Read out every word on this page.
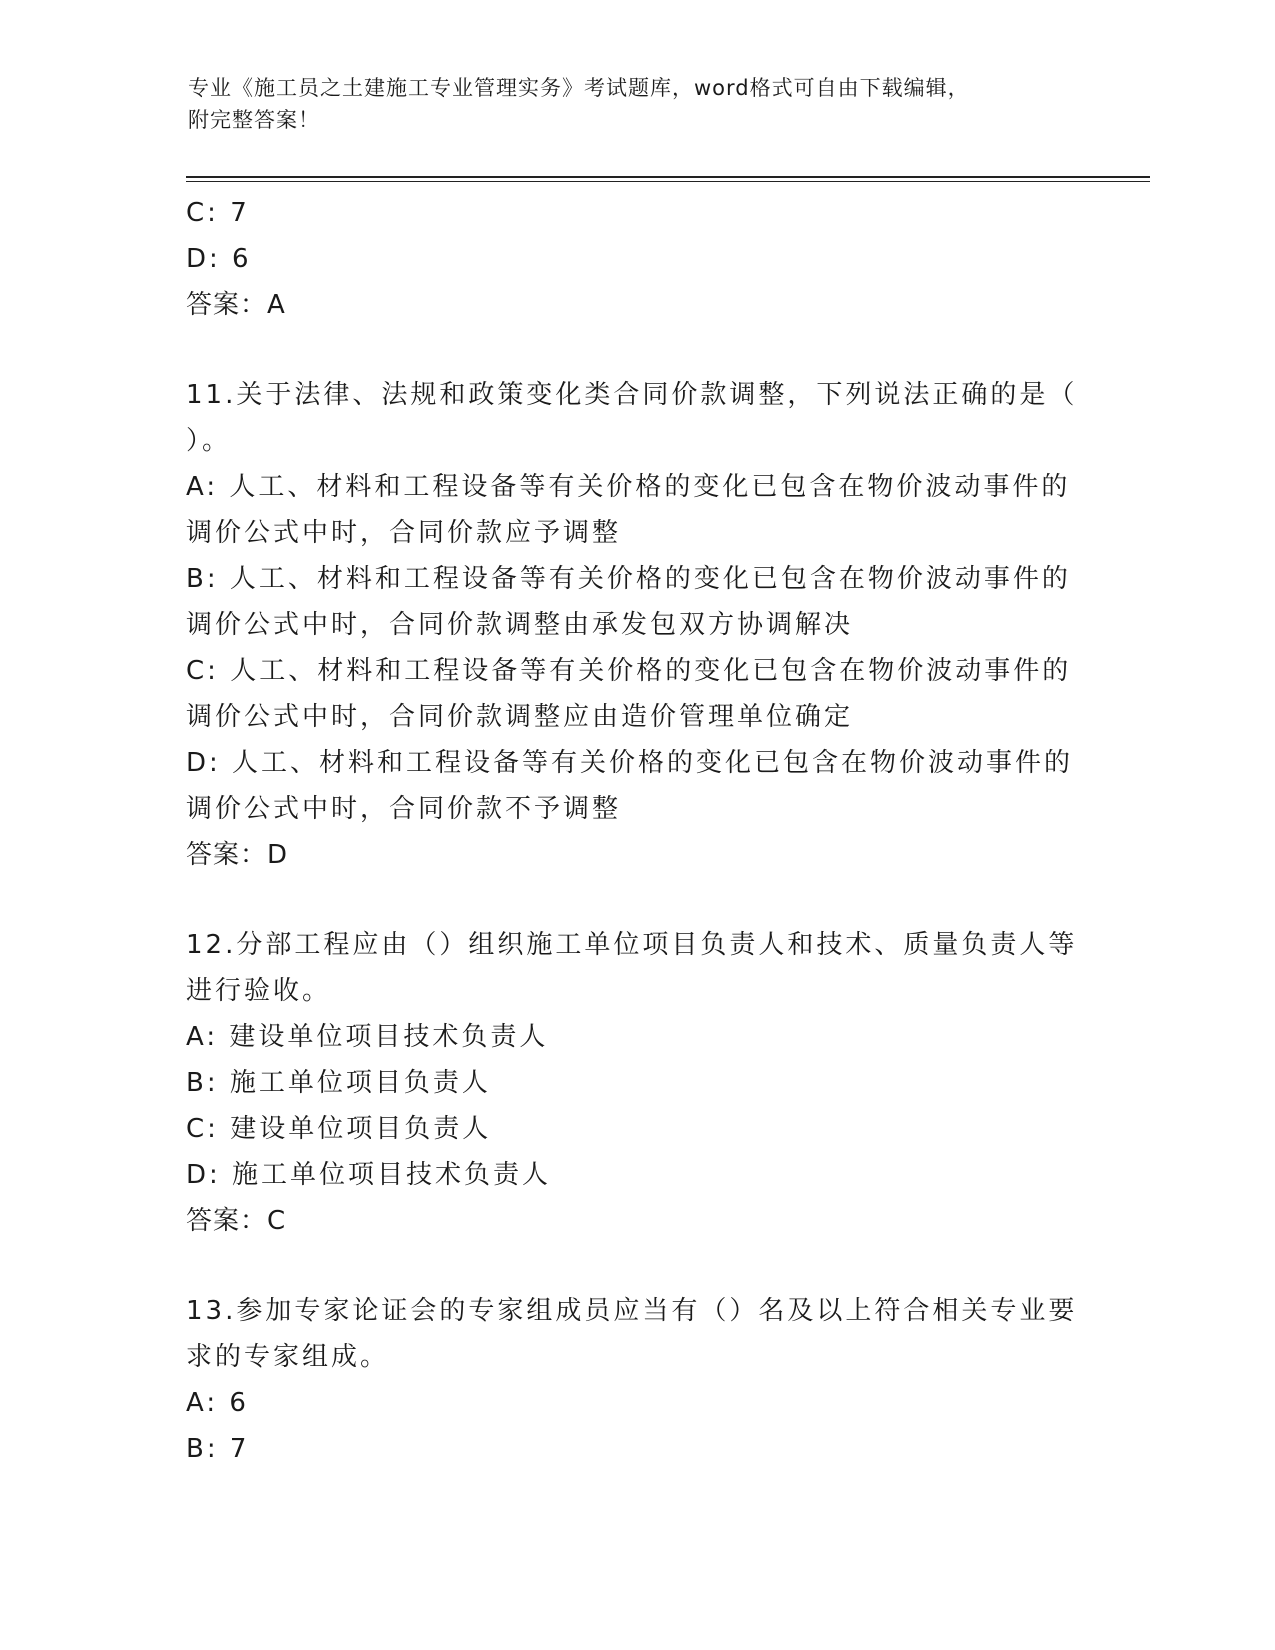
专业《施工员之土建施工专业管理实务》考试题库，word格式可自由下载编辑，
附完整答案！
C: 7
D: 6
答案：A
11.关于法律、法规和政策变化类合同价款调整，下列说法正确的是（
）。
A: 人工、材料和工程设备等有关价格的变化已包含在物价波动事件的
调价公式中时，合同价款应予调整
B: 人工、材料和工程设备等有关价格的变化已包含在物价波动事件的
调价公式中时，合同价款调整由承发包双方协调解决
C: 人工、材料和工程设备等有关价格的变化已包含在物价波动事件的
调价公式中时，合同价款调整应由造价管理单位确定
D: 人工、材料和工程设备等有关价格的变化已包含在物价波动事件的
调价公式中时，合同价款不予调整
答案：D
12.分部工程应由（）组织施工单位项目负责人和技术、质量负责人等
进行验收。
A: 建设单位项目技术负责人
B: 施工单位项目负责人
C: 建设单位项目负责人
D: 施工单位项目技术负责人
答案：C
13.参加专家论证会的专家组成员应当有（）名及以上符合相关专业要
求的专家组成。
A: 6
B: 7
